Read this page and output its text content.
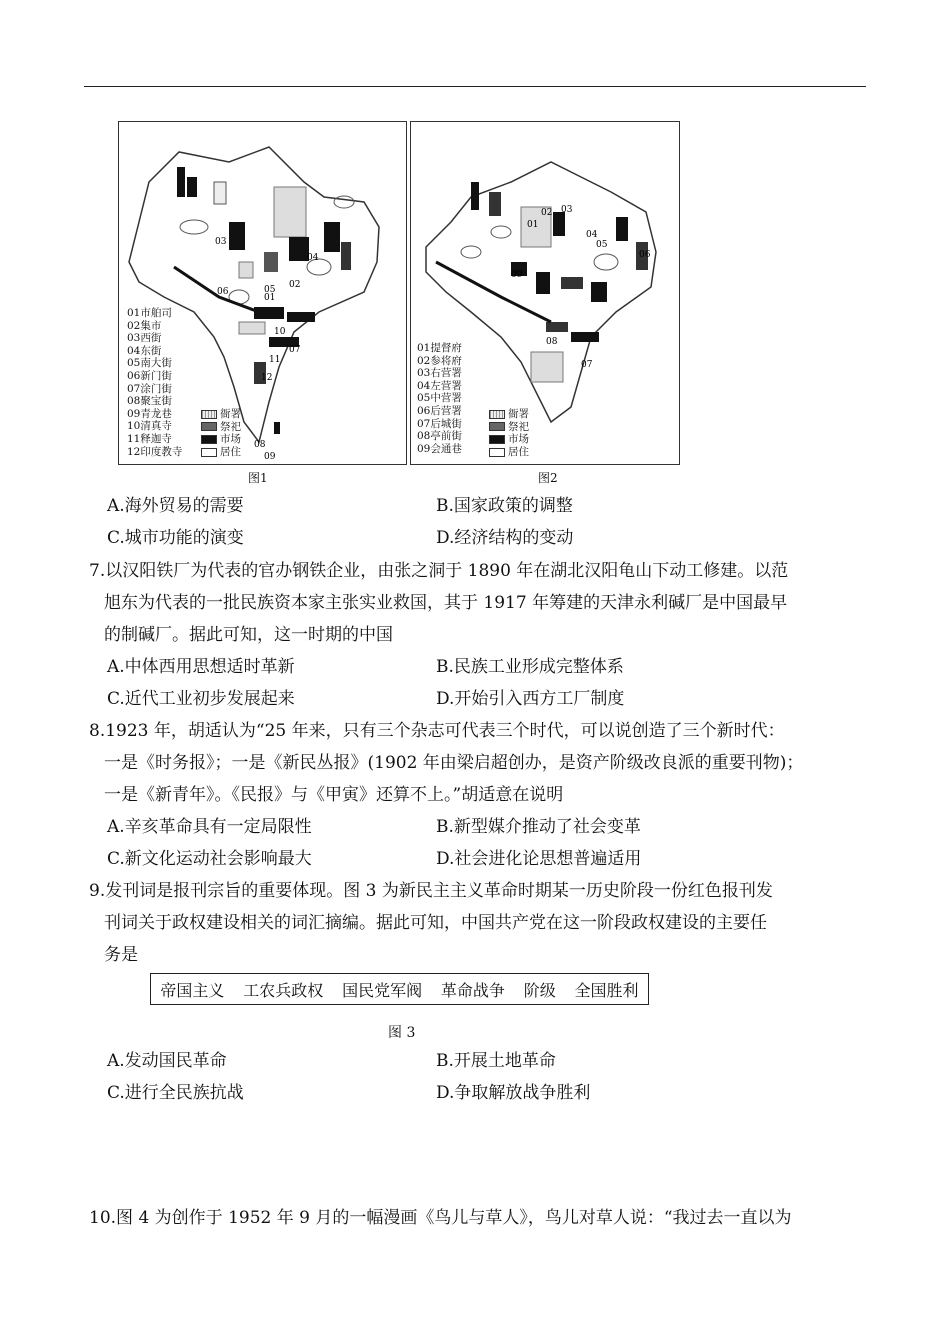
03
04
02
01
05
06
07
10
11
12
08
09
01市舶司
02集市
03西街
04东街
05南大街
06新门街
07涂门街
08聚宝街
09青龙巷
10清真寺
11释迦寺
12印度教寺
衙署
祭祀
市场
居住
图1
02
01
03
04
05
06
09
07
08
01提督府
02参将府
03右营署
04左营署
05中营署
06后营署
07后城街
08亭前街
09会通巷
衙署
祭祀
市场
居住
图2
A.海外贸易的需要	B.国家政策的调整
C.城市功能的演变	D.经济结构的变动
7.以汉阳铁厂为代表的官办钢铁企业，由张之洞于 1890 年在湖北汉阳龟山下动工修建。以范
旭东为代表的一批民族资本家主张实业救国，其于 1917 年筹建的天津永利碱厂是中国最早
的制碱厂。据此可知，这一时期的中国
A.中体西用思想适时革新	B.民族工业形成完整体系
C.近代工业初步发展起来	D.开始引入西方工厂制度
8.1923 年，胡适认为“25 年来，只有三个杂志可代表三个时代，可以说创造了三个新时代：
一是《时务报》；一是《新民丛报》(1902 年由梁启超创办，是资产阶级改良派的重要刊物)；
一是《新青年》。《民报》与《甲寅》还算不上。”胡适意在说明
A.辛亥革命具有一定局限性	B.新型媒介推动了社会变革
C.新文化运动社会影响最大	D.社会进化论思想普遍适用
9.发刊词是报刊宗旨的重要体现。图 3 为新民主主义革命时期某一历史阶段一份红色报刊发
刊词关于政权建设相关的词汇摘编。据此可知，中国共产党在这一阶段政权建设的主要任
务是
帝国主义 工农兵政权 国民党军阀 革命战争 阶级 全国胜利
图 3
A.发动国民革命	B.开展土地革命
C.进行全民族抗战	D.争取解放战争胜利
10.图 4 为创作于 1952 年 9 月的一幅漫画《鸟儿与草人》，鸟儿对草人说：“我过去一直以为
